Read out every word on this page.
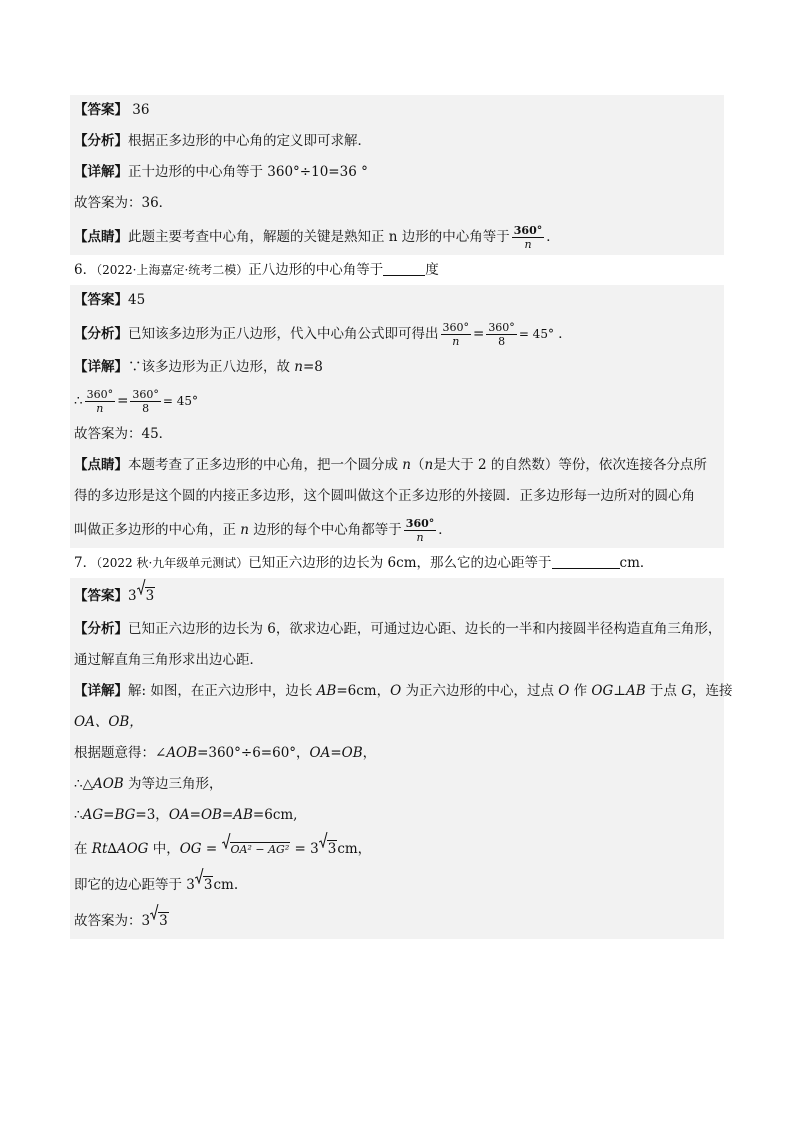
【答案】 36
【分析】根据正多边形的中心角的定义即可求解．
【详解】正十边形的中心角等于 360°÷10=36 °
故答案为：36．
【点睛】此题主要考查中心角，解题的关键是熟知正 n 边形的中心角等于 $\frac{360^\circ}{n}$ ．
6．（2022·上海嘉定·统考二模）正八边形的中心角等于	度
【答案】45
【分析】已知该多边形为正八边形，代入中心角公式即可得出 $\frac{360^\circ}{n} = \frac{360^\circ}{8} = 45^\circ$ ．
【详解】∵该多边形为正八边形，故 n=8
∴ $\frac{360^\circ}{n} = \frac{360^\circ}{8} = 45^\circ$
故答案为：45．
【点睛】本题考查了正多边形的中心角，把一个圆分成 n（n是大于 2 的自然数）等份，依次连接各分点所
得的多边形是这个圆的内接正多边形，这个圆叫做这个正多边形的外接圆．正多边形每一边所对的圆心角
叫做正多边形的中心角，正 n 边形的每个中心角都等于 $\frac{360^\circ}{n}$ ．
7．（2022 秋·九年级单元测试）已知正六边形的边长为 6cm，那么它的边心距等于	cm．
【答案】 3 3
【分析】已知正六边形的边长为 6，欲求边心距，可通过边心距、边长的一半和内接圆半径构造直角三角形，
通过解直角三角形求出边心距．
【详解】解: 如图，在正六边形中，边长 AB=6cm，O 为正六边形的中心，过点 O 作 OG⊥AB 于点 G，连接
OA、OB，
根据题意得：∠AOB=360°÷6=60°，OA=OB，
∴△AOB 为等边三角形，
∴AG=BG=3，OA=OB=AB=6cm,
在 Rt∆AOG 中，OG =
OA² − AG² = 3 3cm，
即它的边心距等于 3 3cm.
故答案为：3 3
